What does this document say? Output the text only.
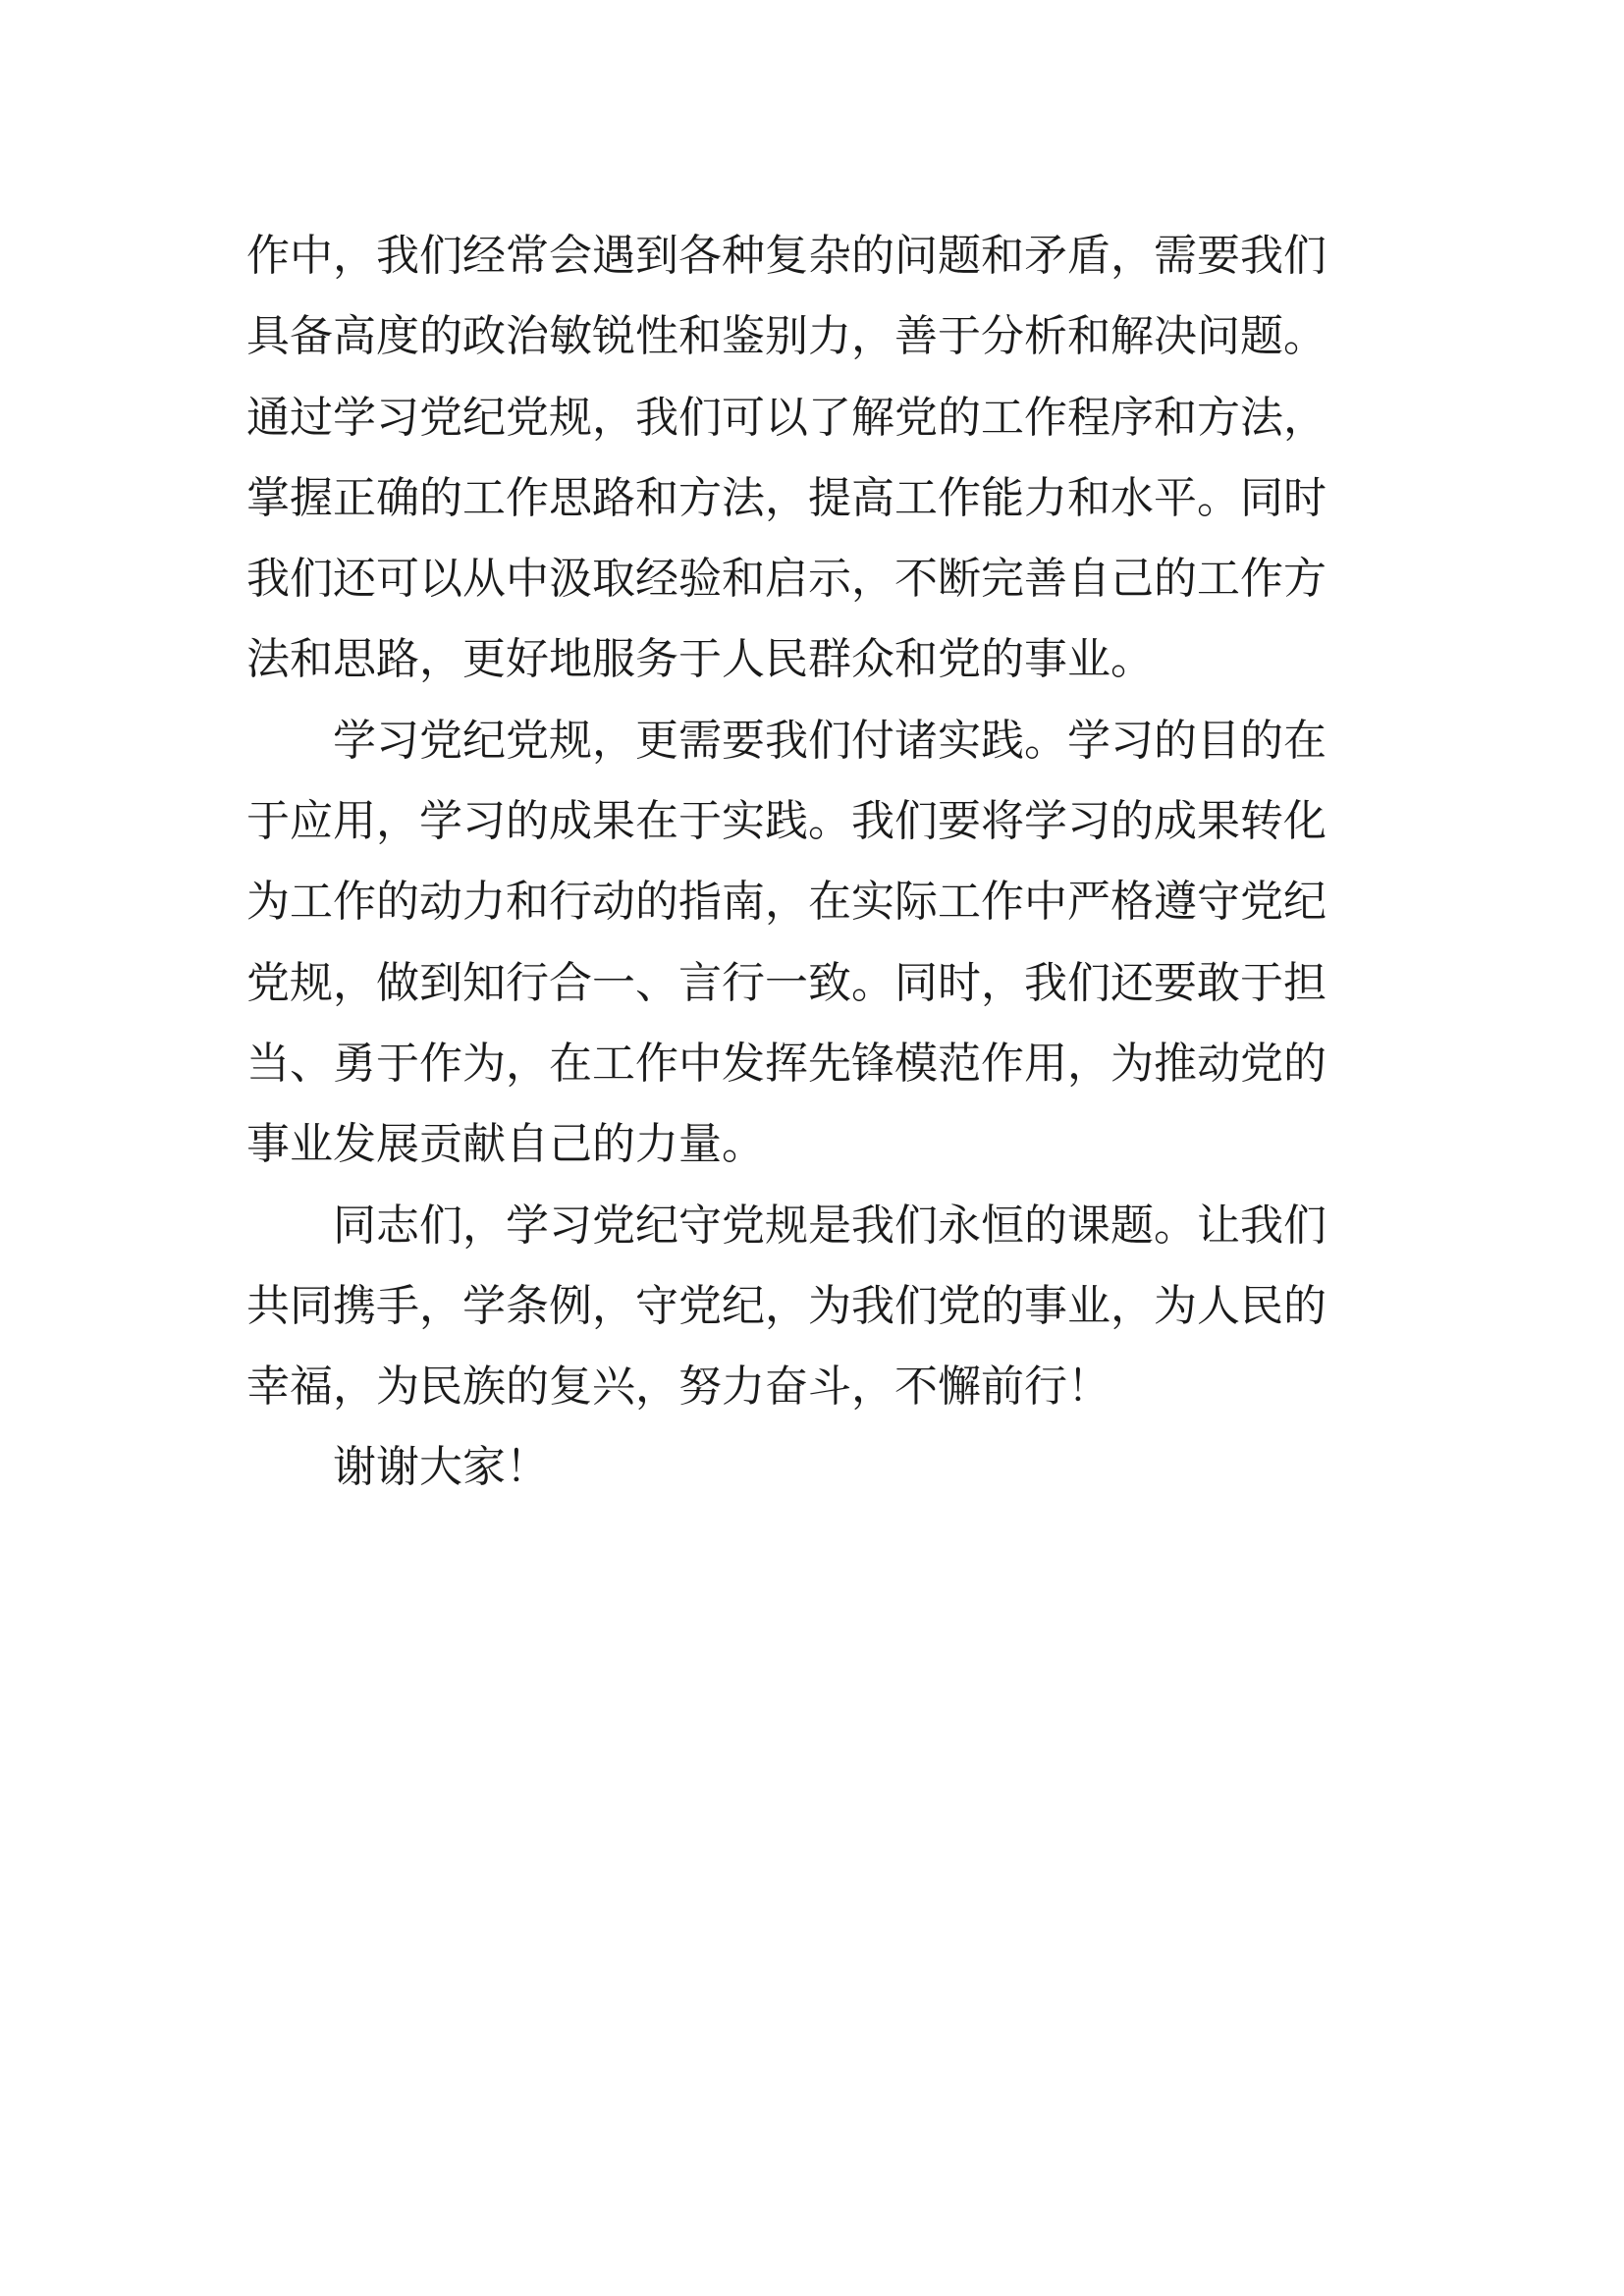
作中，我们经常会遇到各种复杂的问题和矛盾，需要我们
具备高度的政治敏锐性和鉴别力，善于分析和解决问题。
通过学习党纪党规，我们可以了解党的工作程序和方法，
掌握正确的工作思路和方法，提高工作能力和水平。同时
我们还可以从中汲取经验和启示，不断完善自己的工作方
法和思路，更好地服务于人民群众和党的事业。
学习党纪党规，更需要我们付诸实践。学习的目的在
于应用，学习的成果在于实践。我们要将学习的成果转化
为工作的动力和行动的指南，在实际工作中严格遵守党纪
党规，做到知行合一、言行一致。同时，我们还要敢于担
当、勇于作为，在工作中发挥先锋模范作用，为推动党的
事业发展贡献自己的力量。
同志们，学习党纪守党规是我们永恒的课题。让我们
共同携手，学条例，守党纪，为我们党的事业，为人民的
幸福，为民族的复兴，努力奋斗，不懈前行！
谢谢大家！
